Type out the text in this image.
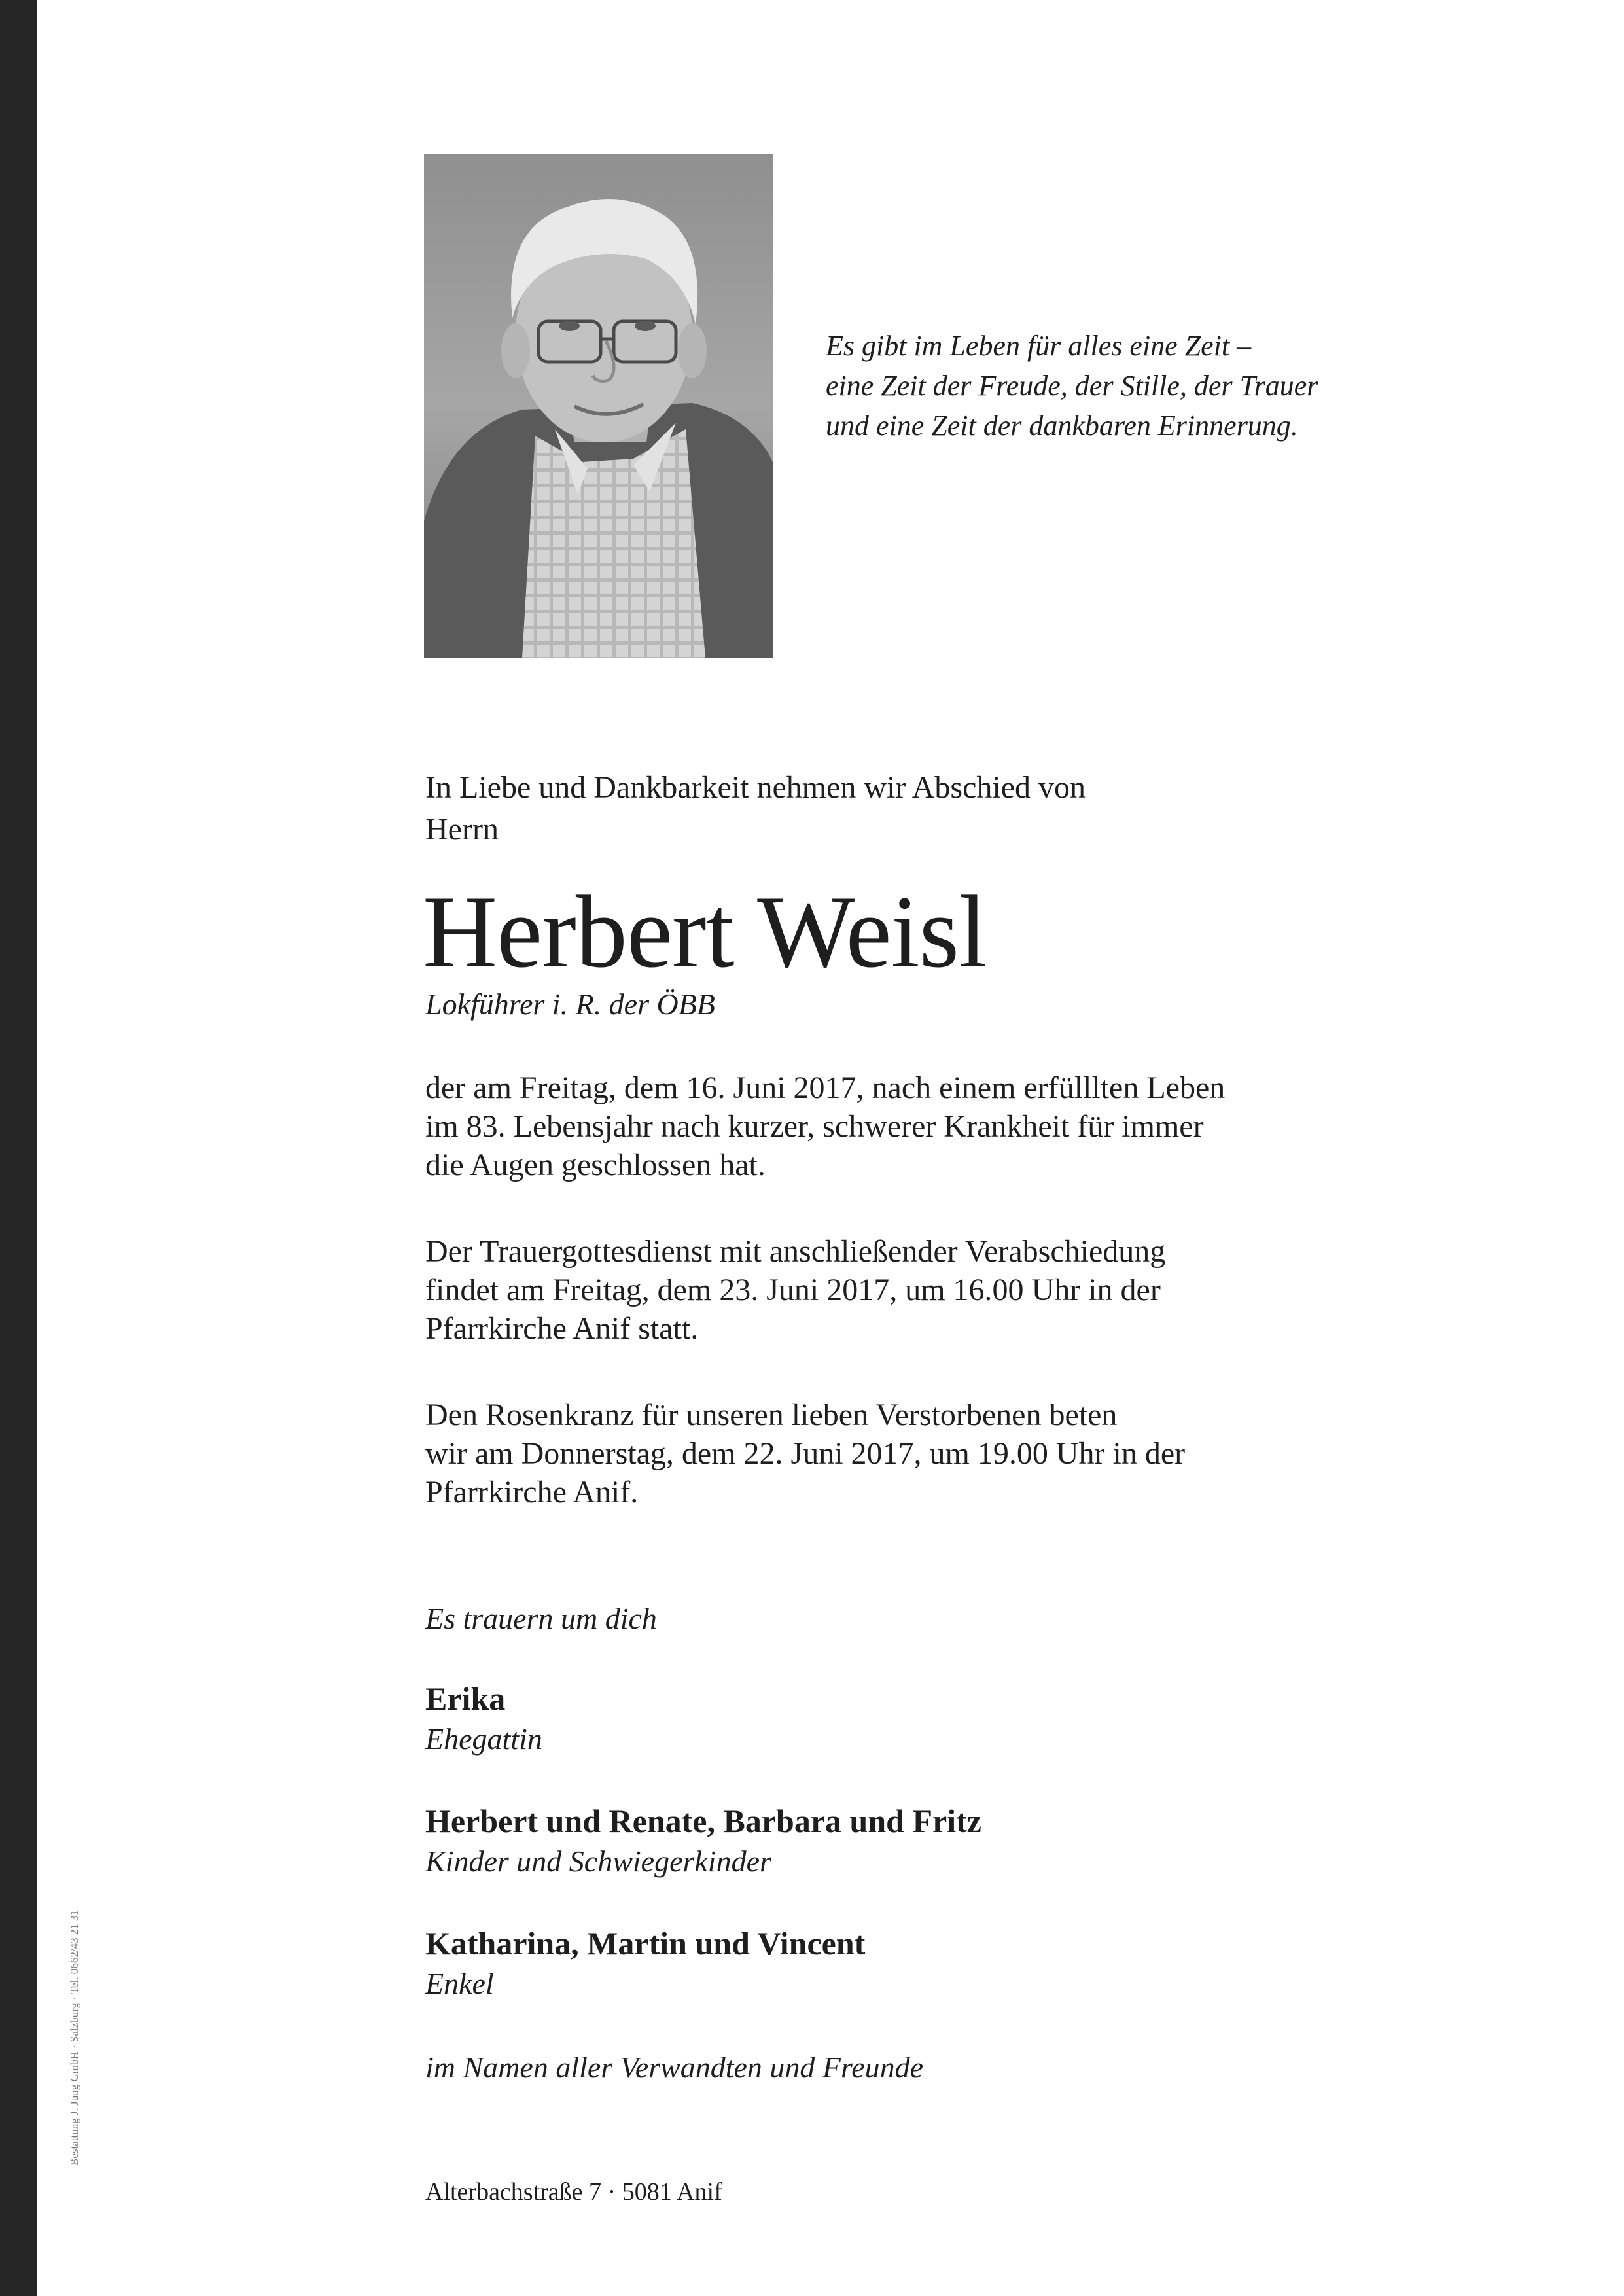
Es gibt im Leben für alles eine Zeit –
eine Zeit der Freude, der Stille, der Trauer
und eine Zeit der dankbaren Erinnerung.
In Liebe und Dankbarkeit nehmen wir Abschied von
Herrn
Herbert Weisl
Lokführer i. R. der ÖBB
der am Freitag, dem 16. Juni 2017, nach einem erfülllten Leben
im 83. Lebensjahr nach kurzer, schwerer Krankheit für immer
die Augen geschlossen hat.
Der Trauergottesdienst mit anschließender Verabschiedung
findet am Freitag, dem 23. Juni 2017, um 16.00 Uhr in der
Pfarrkirche Anif statt.
Den Rosenkranz für unseren lieben Verstorbenen beten
wir am Donnerstag, dem 22. Juni 2017, um 19.00 Uhr in der
Pfarrkirche Anif.
Es trauern um dich
Erika
Ehegattin
Herbert und Renate, Barbara und Fritz
Kinder und Schwiegerkinder
Katharina, Martin und Vincent
Enkel
im Namen aller Verwandten und Freunde
Alterbachstraße 7 · 5081 Anif
Bestattung J. Jung GmbH · Salzburg · Tel. 0662/43 21 31
